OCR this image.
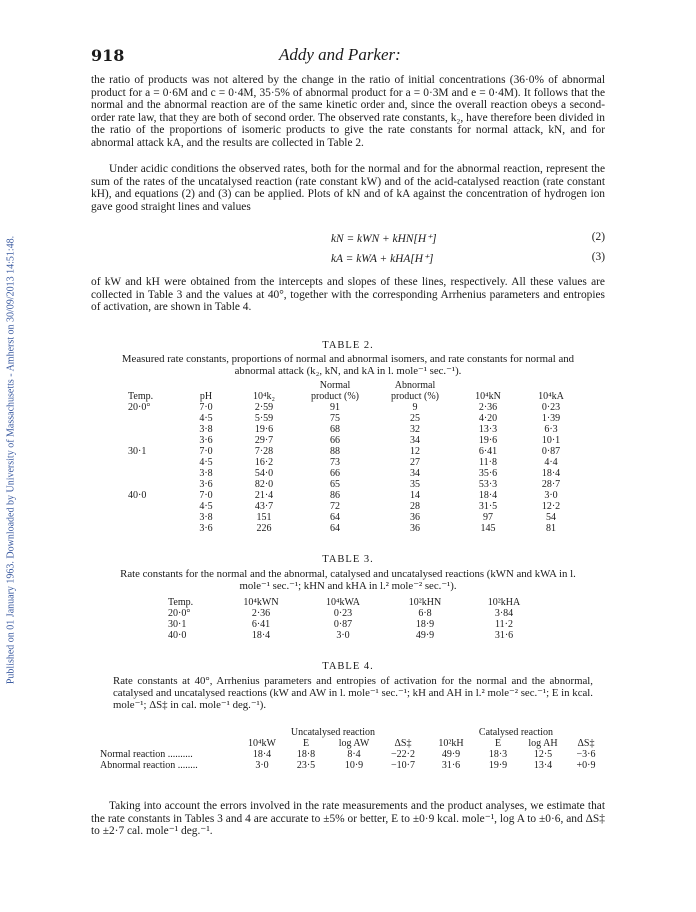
Published on 01 January 1963. Downloaded by University of Massachusetts - Amherst on 30/09/2013 14:51:48.
918	Addy and Parker:

the ratio of products was not altered by the change in the ratio of initial concentrations (36·0% of abnormal product for a = 0·6M and c = 0·4M, 35·5% of abnormal product for a = 0·3M and e = 0·4M). It follows that the normal and the abnormal reaction are of the same kinetic order and, since the overall reaction obeys a second-order rate law, that they are both of second order. The observed rate constants, k₂, have therefore been divided in the ratio of the proportions of isomeric products to give the rate constants for normal attack, kN, and for abnormal attack kA, and the results are collected in Table 2.

Under acidic conditions the observed rates, both for the normal and for the abnormal reaction, represent the sum of the rates of the uncatalysed reaction (rate constant kW) and of the acid-catalysed reaction (rate constant kH), and equations (2) and (3) can be applied. Plots of kN and of kA against the concentration of hydrogen ion gave good straight lines and values

kN = kWN + kHN[H⁺]	(2)
kA = kWA + kHA[H⁺]	(3)

of kW and kH were obtained from the intercepts and slopes of these lines, respectively. All these values are collected in Table 3 and the values at 40°, together with the corresponding Arrhenius parameters and entropies of activation, are shown in Table 4.

TABLE 2.
Measured rate constants, proportions of normal and abnormal isomers, and rate constants for normal and abnormal attack (k₂, kN, and kA in l. mole⁻¹ sec.⁻¹).
			Normal	Abnormal		
Temp.	pH	10⁴k₂	product (%)	product (%)	10⁴kN	10⁴kA
20·0°	7·0	2·59	91	9	2·36	0·23
	4·5	5·59	75	25	4·20	1·39
	3·8	19·6	68	32	13·3	6·3
	3·6	29·7	66	34	19·6	10·1
30·1	7·0	7·28	88	12	6·41	0·87
	4·5	16·2	73	27	11·8	4·4
	3·8	54·0	66	34	35·6	18·4
	3·6	82·0	65	35	53·3	28·7
40·0	7·0	21·4	86	14	18·4	3·0
	4·5	43·7	72	28	31·5	12·2
	3·8	151	64	36	97	54
	3·6	226	64	36	145	81
TABLE 3.
Rate constants for the normal and the abnormal, catalysed and uncatalysed reactions (kWN and kWA in l. mole⁻¹ sec.⁻¹; kHN and kHA in l.² mole⁻² sec.⁻¹).
Temp.	10⁴kWN	10⁴kWA	10²kHN	10²kHA
20·0°	2·36	0·23	6·8	3·84
30·1	6·41	0·87	18·9	11·2
40·0	18·4	3·0	49·9	31·6
TABLE 4.
Rate constants at 40°, Arrhenius parameters and entropies of activation for the normal and the abnormal, catalysed and uncatalysed reactions (kW and AW in l. mole⁻¹ sec.⁻¹; kH and AH in l.² mole⁻² sec.⁻¹; E in kcal. mole⁻¹; ΔS‡ in cal. mole⁻¹ deg.⁻¹).
	Uncatalysed reaction				Catalysed reaction			
	10⁴kW	E	log AW	ΔS‡	10²kH	E	log AH	ΔS‡
Normal reaction ..........	18·4	18·8	8·4	−22·2	49·9	18·3	12·5	−3·6
Abnormal reaction ........	3·0	23·5	10·9	−10·7	31·6	19·9	13·4	+0·9

Taking into account the errors involved in the rate measurements and the product analyses, we estimate that the rate constants in Tables 3 and 4 are accurate to ±5% or better, E to ±0·9 kcal. mole⁻¹, log A to ±0·6, and ΔS‡ to ±2·7 cal. mole⁻¹ deg.⁻¹.
